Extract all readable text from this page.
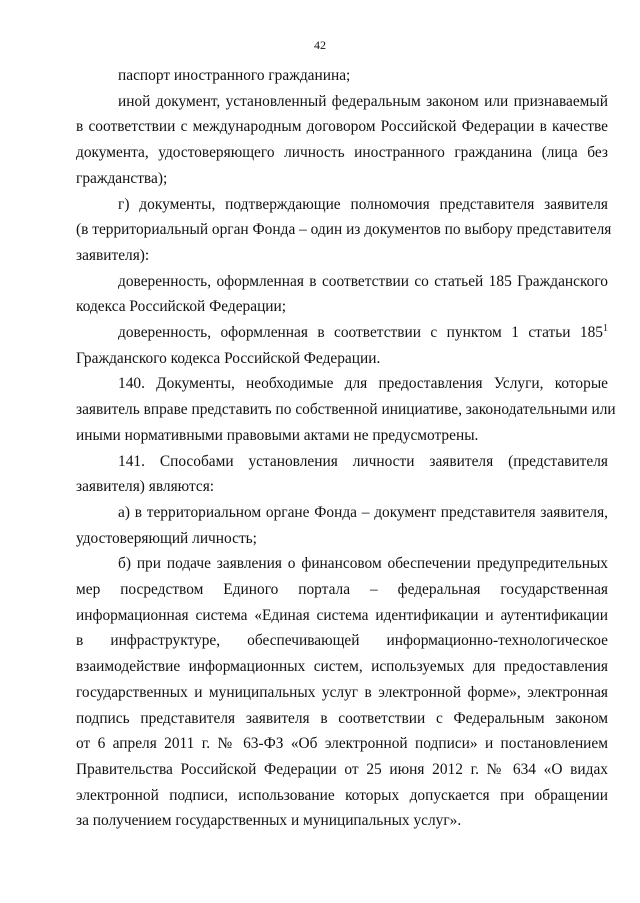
42
паспорт иностранного гражданина;
иной документ, установленный федеральным законом или признаваемый
в соответствии с международным договором Российской Федерации в качестве
документа, удостоверяющего личность иностранного гражданина (лица без
гражданства);
г) документы, подтверждающие полномочия представителя заявителя
(в территориальный орган Фонда – один из документов по выбору представителя
заявителя):
доверенность, оформленная в соответствии со статьей 185 Гражданского
кодекса Российской Федерации;
доверенность, оформленная в соответствии с пунктом 1 статьи $185^1$
Гражданского кодекса Российской Федерации.
140. Документы, необходимые для предоставления Услуги, которые
заявитель вправе представить по собственной инициативе, законодательными или
иными нормативными правовыми актами не предусмотрены.
141. Способами установления личности заявителя (представителя
заявителя) являются:
а) в территориальном органе Фонда – документ представителя заявителя,
удостоверяющий личность;
б) при подаче заявления о финансовом обеспечении предупредительных
мер посредством Единого портала – федеральная государственная
информационная система «Единая система идентификации и аутентификации
в инфраструктуре, обеспечивающей информационно-технологическое
взаимодействие информационных систем, используемых для предоставления
государственных и муниципальных услуг в электронной форме», электронная
подпись представителя заявителя в соответствии с Федеральным законом
от 6 апреля 2011 г. № 63-ФЗ «Об электронной подписи» и постановлением
Правительства Российской Федерации от 25 июня 2012 г. № 634 «О видах
электронной подписи, использование которых допускается при обращении
за получением государственных и муниципальных услуг».
